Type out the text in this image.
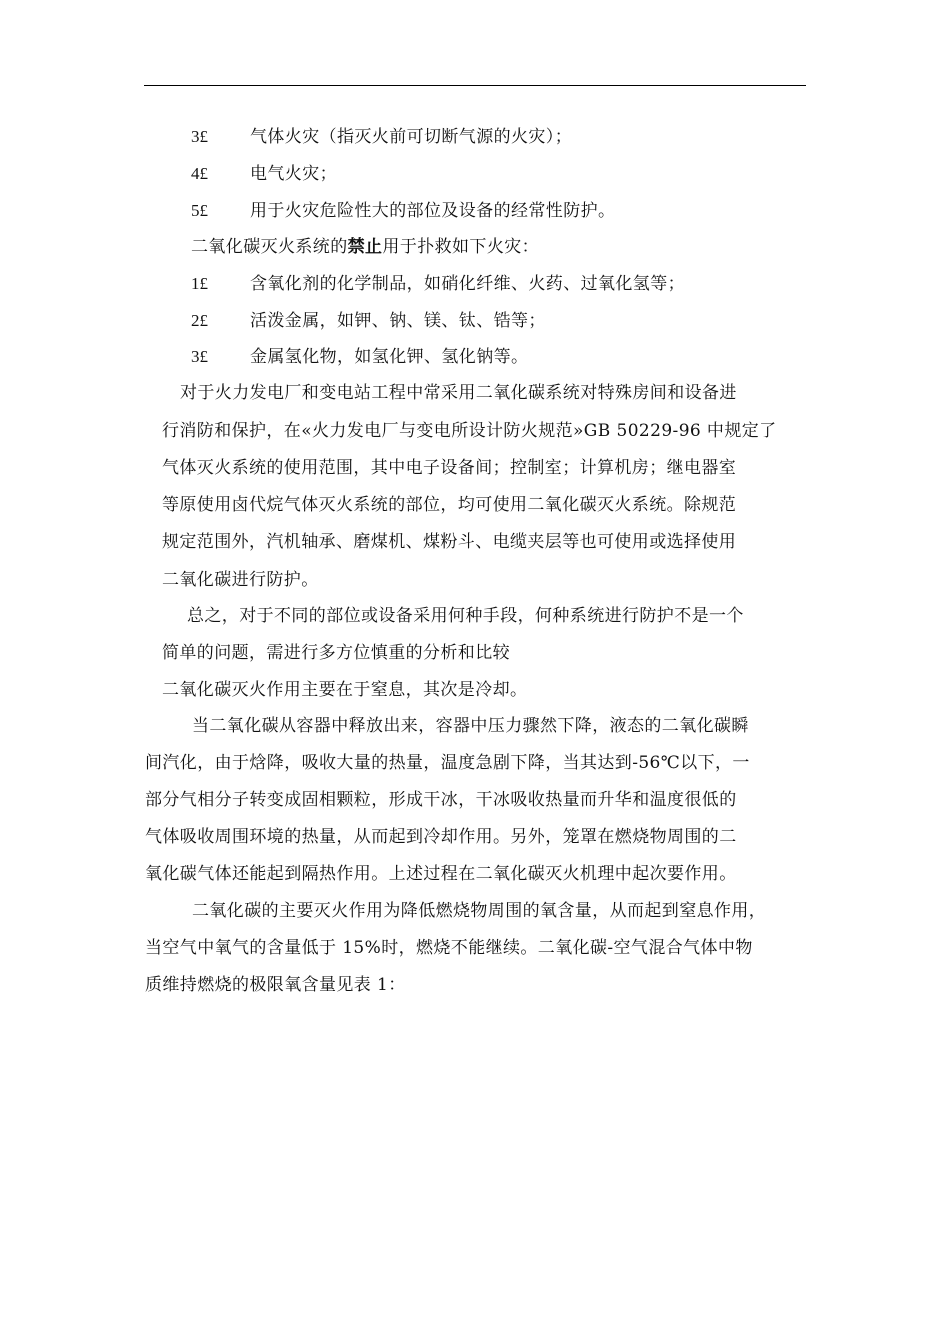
3£ 气体火灾（指灭火前可切断气源的火灾）；
4£ 电气火灾；
5£ 用于火灾危险性大的部位及设备的经常性防护。
二氧化碳灭火系统的禁止用于扑救如下火灾：
1£ 含氧化剂的化学制品，如硝化纤维、火药、过氧化氢等；
2£ 活泼金属，如钾、钠、镁、钛、锆等；
3£ 金属氢化物，如氢化钾、氢化钠等。
对于火力发电厂和变电站工程中常采用二氧化碳系统对特殊房间和设备进
行消防和保护，在«火力发电厂与变电所设计防火规范»GB 50229-96 中规定了
气体灭火系统的使用范围，其中电子设备间；控制室；计算机房；继电器室
等原使用卤代烷气体灭火系统的部位，均可使用二氧化碳灭火系统。除规范
规定范围外，汽机轴承、磨煤机、煤粉斗、电缆夹层等也可使用或选择使用
二氧化碳进行防护。
总之，对于不同的部位或设备采用何种手段，何种系统进行防护不是一个
简单的问题，需进行多方位慎重的分析和比较
二氧化碳灭火作用主要在于窒息，其次是冷却。
当二氧化碳从容器中释放出来，容器中压力骤然下降，液态的二氧化碳瞬
间汽化，由于焓降，吸收大量的热量，温度急剧下降，当其达到-56℃以下，一
部分气相分子转变成固相颗粒，形成干冰，干冰吸收热量而升华和温度很低的
气体吸收周围环境的热量，从而起到冷却作用。另外，笼罩在燃烧物周围的二
氧化碳气体还能起到隔热作用。上述过程在二氧化碳灭火机理中起次要作用。
二氧化碳的主要灭火作用为降低燃烧物周围的氧含量，从而起到窒息作用，
当空气中氧气的含量低于 15%时，燃烧不能继续。二氧化碳-空气混合气体中物
质维持燃烧的极限氧含量见表 1：
